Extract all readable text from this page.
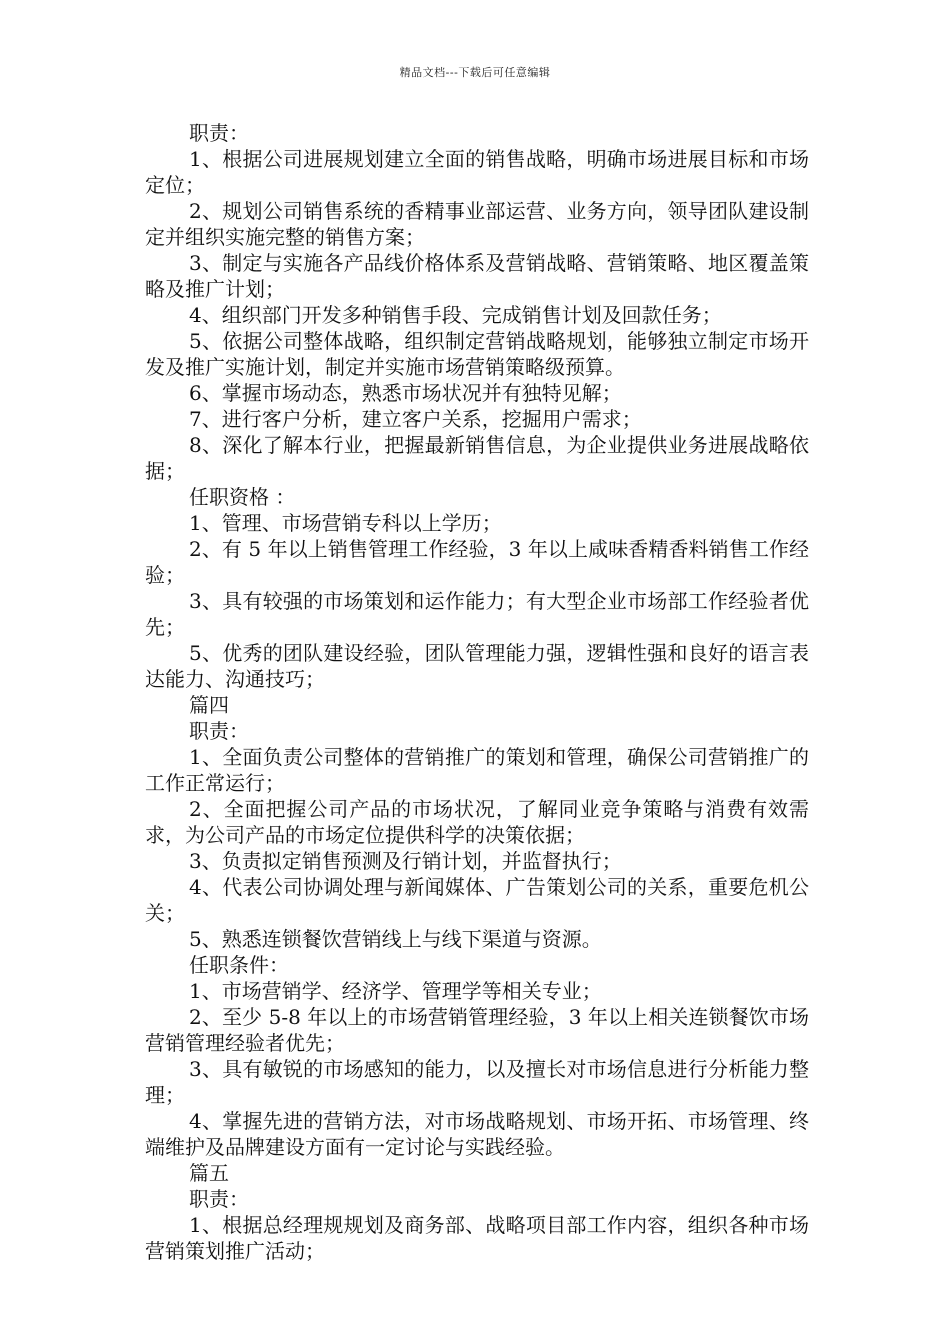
精品文档---下载后可任意编辑

职责：

1、根据公司进展规划建立全面的销售战略，明确市场进展目标和市场定位；

2、规划公司销售系统的香精事业部运营、业务方向，领导团队建设制定并组织实施完整的销售方案；

3、制定与实施各产品线价格体系及营销战略、营销策略、地区覆盖策略及推广计划；

4、组织部门开发多种销售手段、完成销售计划及回款任务；

5、依据公司整体战略，组织制定营销战略规划，能够独立制定市场开发及推广实施计划，制定并实施市场营销策略级预算。

6、掌握市场动态，熟悉市场状况并有独特见解；

7、进行客户分析，建立客户关系，挖掘用户需求；

8、深化了解本行业，把握最新销售信息，为企业提供业务进展战略依据；

任职资格 ：

1、管理、市场营销专科以上学历；

2、有 5 年以上销售管理工作经验，3 年以上咸味香精香料销售工作经验；

3、具有较强的市场策划和运作能力；有大型企业市场部工作经验者优先；

5、优秀的团队建设经验，团队管理能力强，逻辑性强和良好的语言表达能力、沟通技巧；

篇四

职责：

1、全面负责公司整体的营销推广的策划和管理，确保公司营销推广的工作正常运行；

2、全面把握公司产品的市场状况，了解同业竞争策略与消费有效需求，为公司产品的市场定位提供科学的决策依据；

3、负责拟定销售预测及行销计划，并监督执行；

4、代表公司协调处理与新闻媒体、广告策划公司的关系，重要危机公关；

5、熟悉连锁餐饮营销线上与线下渠道与资源。

任职条件：

1、市场营销学、经济学、管理学等相关专业；

2、至少 5-8 年以上的市场营销管理经验，3 年以上相关连锁餐饮市场营销管理经验者优先；

3、具有敏锐的市场感知的能力，以及擅长对市场信息进行分析能力整理；

4、掌握先进的营销方法，对市场战略规划、市场开拓、市场管理、终端维护及品牌建设方面有一定讨论与实践经验。

篇五

职责：

1、根据总经理规规划及商务部、战略项目部工作内容，组织各种市场营销策划推广活动；
